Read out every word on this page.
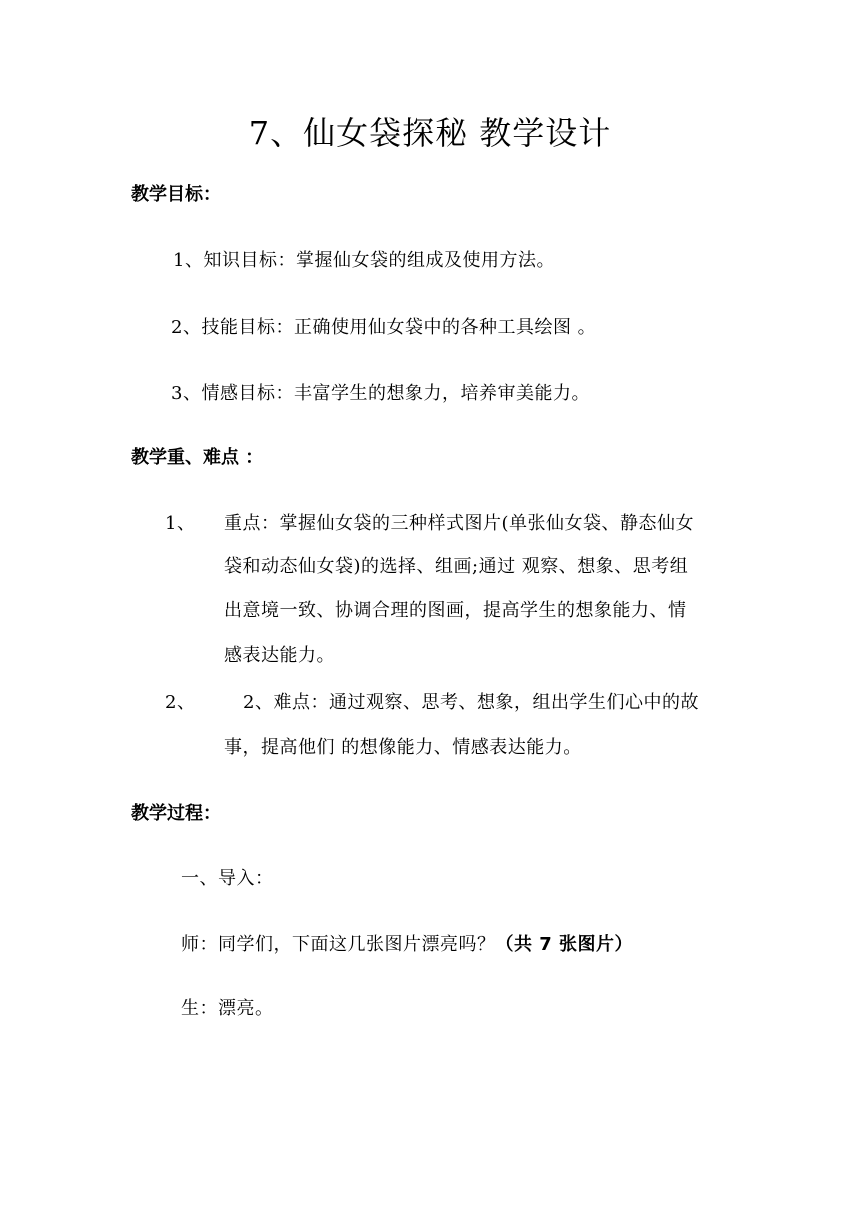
7、仙女袋探秘 教学设计
教学目标：
1、知识目标：掌握仙女袋的组成及使用方法。
2、技能目标：正确使用仙女袋中的各种工具绘图 。
3、情感目标：丰富学生的想象力，培养审美能力。
教学重、难点 ：
1、 重点：掌握仙女袋的三种样式图片(单张仙女袋、静态仙女
袋和动态仙女袋)的选择、组画;通过 观察、想象、思考组
出意境一致、协调合理的图画，提高学生的想象能力、情
感表达能力。
2、	2、难点：通过观察、思考、想象，组出学生们心中的故
事，提高他们 的想像能力、情感表达能力。
教学过程：
一、导入：
师：同学们，下面这几张图片漂亮吗？（共 7 张图片）
生：漂亮。
